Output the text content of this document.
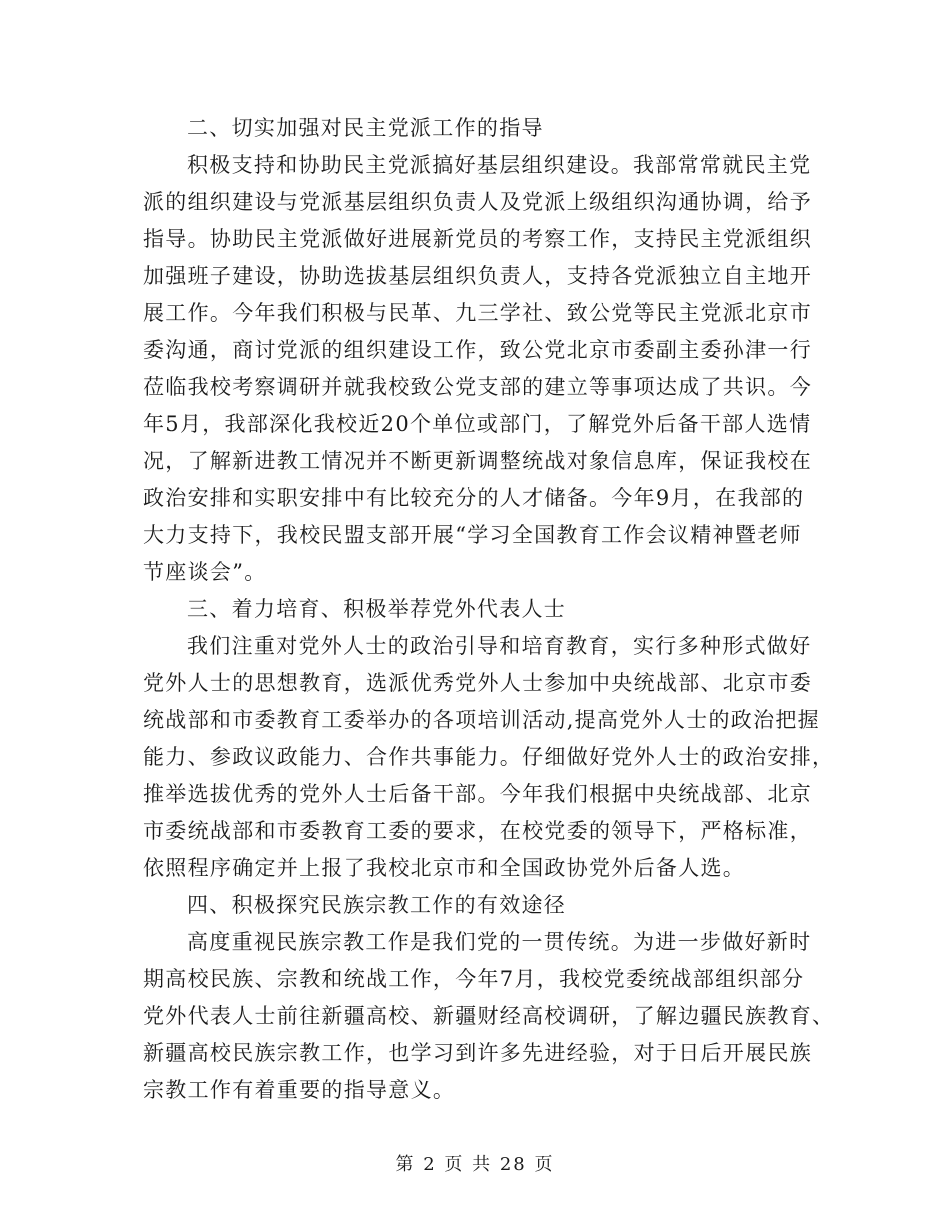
二、切实加强对民主党派工作的指导
积极支持和协助民主党派搞好基层组织建设。我部常常就民主党
派的组织建设与党派基层组织负责人及党派上级组织沟通协调，给予
指导。协助民主党派做好进展新党员的考察工作，支持民主党派组织
加强班子建设，协助选拔基层组织负责人，支持各党派独立自主地开
展工作。今年我们积极与民革、九三学社、致公党等民主党派北京市
委沟通，商讨党派的组织建设工作，致公党北京市委副主委孙津一行
莅临我校考察调研并就我校致公党支部的建立等事项达成了共识。今
年5月，我部深化我校近20个单位或部门，了解党外后备干部人选情
况，了解新进教工情况并不断更新调整统战对象信息库，保证我校在
政治安排和实职安排中有比较充分的人才储备。今年9月，在我部的
大力支持下，我校民盟支部开展“学习全国教育工作会议精神暨老师
节座谈会”。
三、着力培育、积极举荐党外代表人士
我们注重对党外人士的政治引导和培育教育，实行多种形式做好
党外人士的思想教育，选派优秀党外人士参加中央统战部、北京市委
统战部和市委教育工委举办的各项培训活动,提高党外人士的政治把握
能力、参政议政能力、合作共事能力。仔细做好党外人士的政治安排，
推举选拔优秀的党外人士后备干部。今年我们根据中央统战部、北京
市委统战部和市委教育工委的要求，在校党委的领导下，严格标准，
依照程序确定并上报了我校北京市和全国政协党外后备人选。
四、积极探究民族宗教工作的有效途径
高度重视民族宗教工作是我们党的一贯传统。为进一步做好新时
期高校民族、宗教和统战工作，今年7月，我校党委统战部组织部分
党外代表人士前往新疆高校、新疆财经高校调研，了解边疆民族教育、
新疆高校民族宗教工作，也学习到许多先进经验，对于日后开展民族
宗教工作有着重要的指导意义。
第 2 页 共 28 页
